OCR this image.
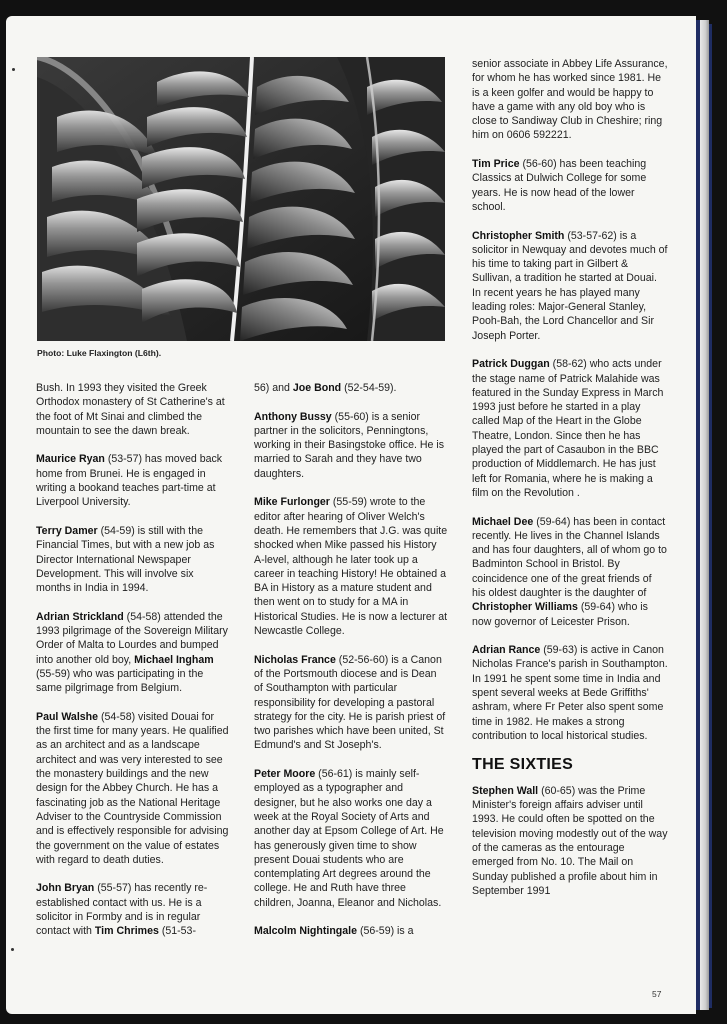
Photo: Luke Flaxington (L6th).

Bush. In 1993 they visited the Greek Orthodox monastery of St Catherine's at the foot of Mt Sinai and climbed the mountain to see the dawn break.

Maurice Ryan (53-57) has moved back home from Brunei. He is engaged in writing a bookand teaches part-time at Liverpool University.

Terry Damer (54-59) is still with the Financial Times, but with a new job as Director International Newspaper Development. This will involve six months in India in 1994.

Adrian Strickland (54-58) attended the 1993 pilgrimage of the Sovereign Military Order of Malta to Lourdes and bumped into another old boy, Michael Ingham (55-59) who was participating in the same pilgrimage from Belgium.

Paul Walshe (54-58) visited Douai for the first time for many years. He qualified as an architect and as a landscape architect and was very interested to see the monastery buildings and the new design for the Abbey Church. He has a fascinating job as the National Heritage Adviser to the Countryside Commission and is effectively responsible for advising the government on the value of estates with regard to death duties.

John Bryan (55-57) has recently re-established contact with us. He is a solicitor in Formby and is in regular contact with Tim Chrimes (51-53-

56) and Joe Bond (52-54-59).

Anthony Bussy (55-60) is a senior partner in the solicitors, Penningtons, working in their Basingstoke office. He is married to Sarah and they have two daughters.

Mike Furlonger (55-59) wrote to the editor after hearing of Oliver Welch's death. He remembers that J.G. was quite shocked when Mike passed his History A-level, although he later took up a career in teaching History! He obtained a BA in History as a mature student and then went on to study for a MA in Historical Studies. He is now a lecturer at Newcastle College.

Nicholas France (52-56-60) is a Canon of the Portsmouth diocese and is Dean of Southampton with particular responsibility for developing a pastoral strategy for the city. He is parish priest of two parishes which have been united, St Edmund's and St Joseph's.

Peter Moore (56-61) is mainly self-employed as a typographer and designer, but he also works one day a week at the Royal Society of Arts and another day at Epsom College of Art. He has generously given time to show present Douai students who are contemplating Art degrees around the college. He and Ruth have three children, Joanna, Eleanor and Nicholas.

Malcolm Nightingale (56-59) is a

senior associate in Abbey Life Assurance, for whom he has worked since 1981. He is a keen golfer and would be happy to have a game with any old boy who is close to Sandiway Club in Cheshire; ring him on 0606 592221.

Tim Price (56-60) has been teaching Classics at Dulwich College for some years. He is now head of the lower school.

Christopher Smith (53-57-62) is a solicitor in Newquay and devotes much of his time to taking part in Gilbert & Sullivan, a tradition he started at Douai. In recent years he has played many leading roles: Major-General Stanley, Pooh-Bah, the Lord Chancellor and Sir Joseph Porter.

Patrick Duggan (58-62) who acts under the stage name of Patrick Malahide was featured in the Sunday Express in March 1993 just before he started in a play called Map of the Heart in the Globe Theatre, London. Since then he has played the part of Casaubon in the BBC production of Middlemarch. He has just left for Romania, where he is making a film on the Revolution .

Michael Dee (59-64) has been in contact recently. He lives in the Channel Islands and has four daughters, all of whom go to Badminton School in Bristol. By coincidence one of the great friends of his oldest daughter is the daughter of Christopher Williams (59-64) who is now governor of Leicester Prison.

Adrian Rance (59-63) is active in Canon Nicholas France's parish in Southampton. In 1991 he spent some time in India and spent several weeks at Bede Griffiths' ashram, where Fr Peter also spent some time in 1982. He makes a strong contribution to local historical studies.

THE SIXTIES

Stephen Wall (60-65) was the Prime Minister's foreign affairs adviser until 1993. He could often be spotted on the television moving modestly out of the way of the cameras as the entourage emerged from No. 10. The Mail on Sunday published a profile about him in September 1991

57
